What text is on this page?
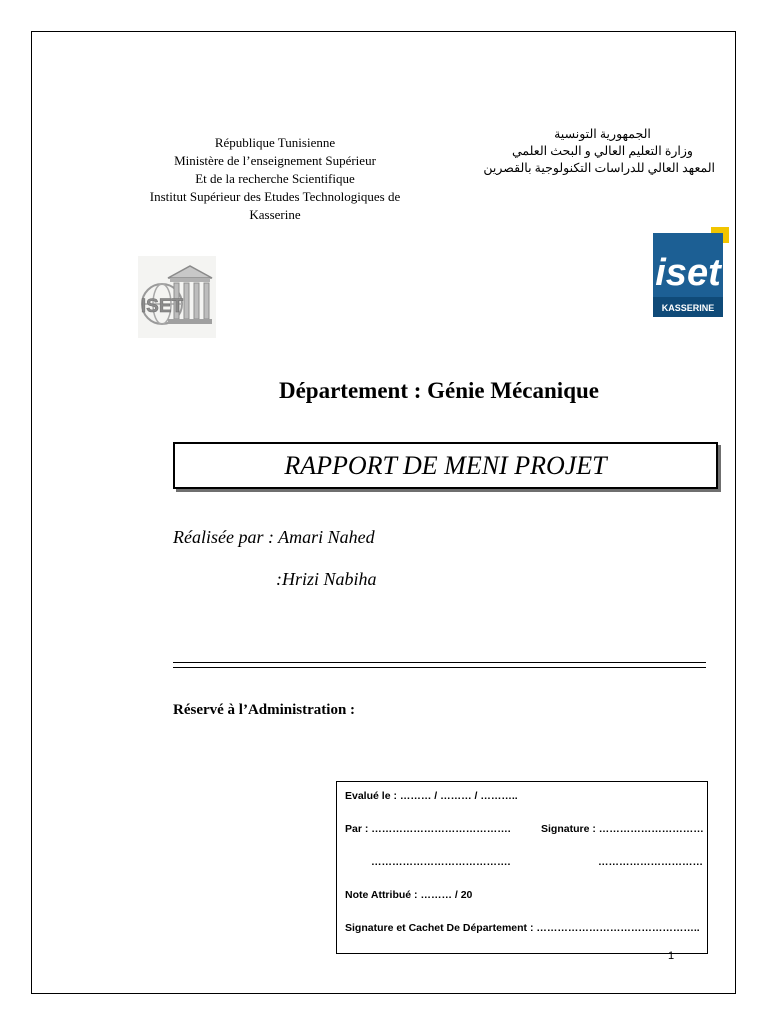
République Tunisienne
Ministère de l’enseignement Supérieur
Et de la recherche Scientifique
Institut Supérieur des Etudes Technologiques de
Kasserine
الجمهورية التونسية
وزارة التعليم العالي و البحث العلمي
المعهد العالي للدراسات التكنولوجية بالقصرين
ISET
iset
KASSERINE
Département : Génie Mécanique
RAPPORT DE MENI PROJET
Réalisée par : Amari Nahed
:Hrizi Nabiha
Réservé à l’Administration :
Evalué le : ……… / ……… / ………..
Par : ………………………………….	Signature : …………………………
………………………………….	…………………………
Note Attribué : ……… / 20
Signature et Cachet De Département : ………………………………………..
1
